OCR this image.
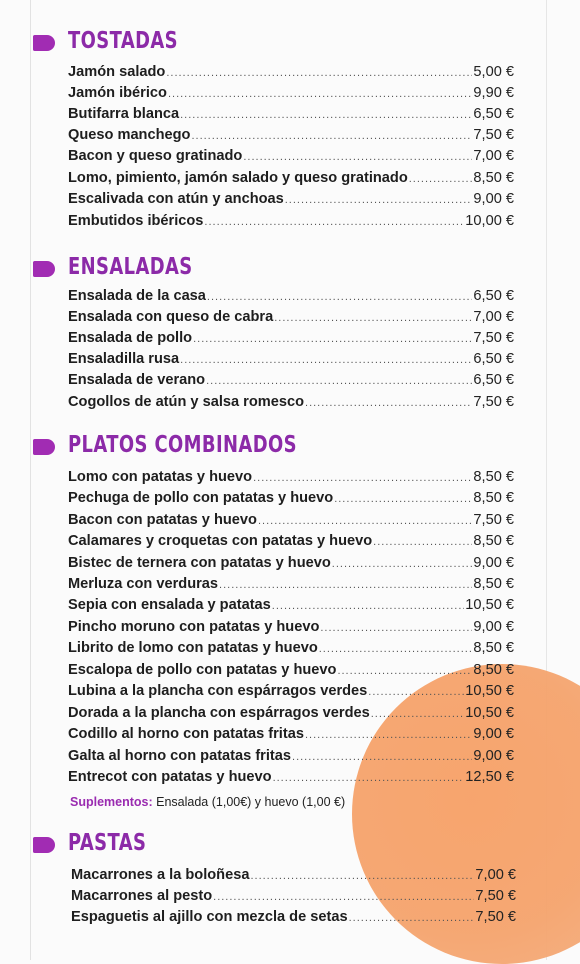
TOSTADAS
Jamón salado .....	5,00 €
Jamón ibérico .....	9,90 €
Butifarra blanca .....	6,50 €
Queso manchego .....	7,50 €
Bacon y queso gratinado .....	7,00 €
Lomo, pimiento, jamón salado y queso gratinado .....	8,50 €
Escalivada con atún y anchoas .....	9,00 €
Embutidos ibéricos .....	10,00 €
ENSALADAS
Ensalada de la casa .....	6,50 €
Ensalada con queso de cabra .....	7,00 €
Ensalada de pollo .....	7,50 €
Ensaladilla rusa .....	6,50 €
Ensalada de verano .....	6,50 €
Cogollos de atún y salsa romesco .....	7,50 €
PLATOS COMBINADOS
Lomo con patatas y huevo .....	8,50 €
Pechuga de pollo con patatas y huevo .....	8,50 €
Bacon con patatas y huevo .....	7,50 €
Calamares y croquetas con patatas y huevo .....	8,50 €
Bistec de ternera con patatas y huevo .....	9,00 €
Merluza con verduras .....	8,50 €
Sepia con ensalada y patatas .....	10,50 €
Pincho moruno con patatas y huevo .....	9,00 €
Librito de lomo con patatas y huevo .....	8,50 €
Escalopa de pollo con patatas y huevo .....	8,50 €
Lubina a la plancha con espárragos verdes .....	10,50 €
Dorada a la plancha con espárragos verdes .....	10,50 €
Codillo al horno con patatas fritas .....	9,00 €
Galta al horno con patatas fritas .....	9,00 €
Entrecot con patatas y huevo .....	12,50 €
Suplementos: Ensalada (1,00€) y huevo (1,00 €)
PASTAS
Macarrones a la boloñesa .....	7,00 €
Macarrones al pesto .....	7,50 €
Espaguetis al ajillo con mezcla de setas .....	7,50 €
